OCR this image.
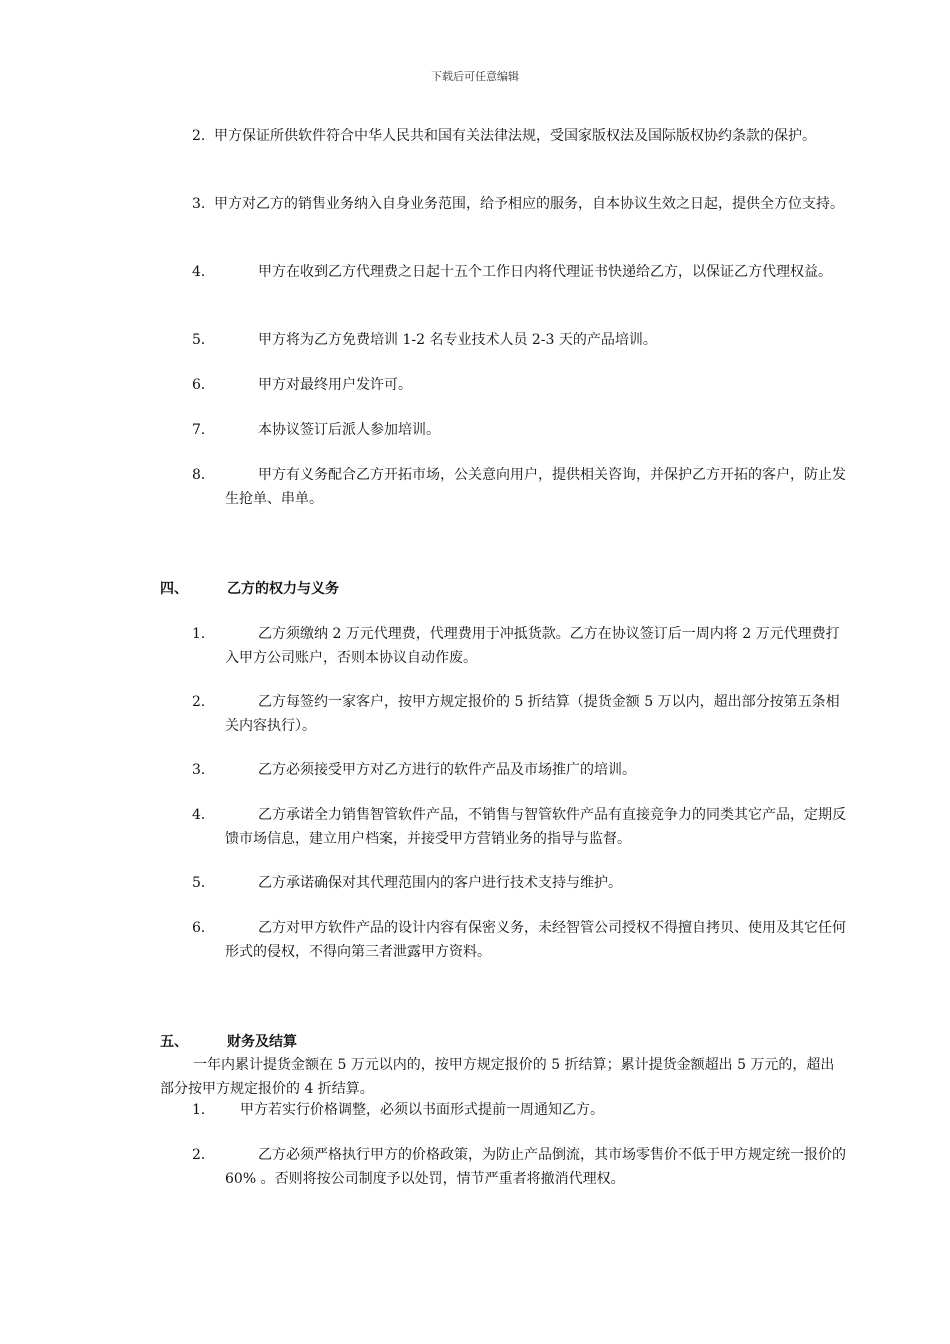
下载后可任意编辑
2. 甲方保证所供软件符合中华人民共和国有关法律法规，受国家版权法及国际版权协约条款的保护。
3. 甲方对乙方的销售业务纳入自身业务范围，给予相应的服务，自本协议生效之日起，提供全方位支持。
4．	甲方在收到乙方代理费之日起十五个工作日内将代理证书快递给乙方，以保证乙方代理权益。
5．	甲方将为乙方免费培训 1-2 名专业技术人员 2-3 天的产品培训。
6．	甲方对最终用户发许可。
7．	本协议签订后派人参加培训。
8．	甲方有义务配合乙方开拓市场，公关意向用户，提供相关咨询，并保护乙方开拓的客户，防止发生抢单、串单。
四、	乙方的权力与义务
1．	乙方须缴纳 2 万元代理费，代理费用于冲抵货款。乙方在协议签订后一周内将 2 万元代理费打入甲方公司账户，否则本协议自动作废。
2．	乙方每签约一家客户，按甲方规定报价的 5 折结算（提货金额 5 万以内，超出部分按第五条相关内容执行）。
3．	乙方必须接受甲方对乙方进行的软件产品及市场推广的培训。
4．	乙方承诺全力销售智管软件产品，不销售与智管软件产品有直接竞争力的同类其它产品，定期反馈市场信息，建立用户档案，并接受甲方营销业务的指导与监督。
5．	乙方承诺确保对其代理范围内的客户进行技术支持与维护。
6．	乙方对甲方软件产品的设计内容有保密义务，未经智管公司授权不得擅自拷贝、使用及其它任何形式的侵权，不得向第三者泄露甲方资料。
五、	财务及结算
一年内累计提货金额在 5 万元以内的，按甲方规定报价的 5 折结算；累计提货金额超出 5 万元的，超出部分按甲方规定报价的 4 折结算。
1． 甲方若实行价格调整，必须以书面形式提前一周通知乙方。
2．	乙方必须严格执行甲方的价格政策，为防止产品倒流，其市场零售价不低于甲方规定统一报价的60% 。否则将按公司制度予以处罚，情节严重者将撤消代理权。
